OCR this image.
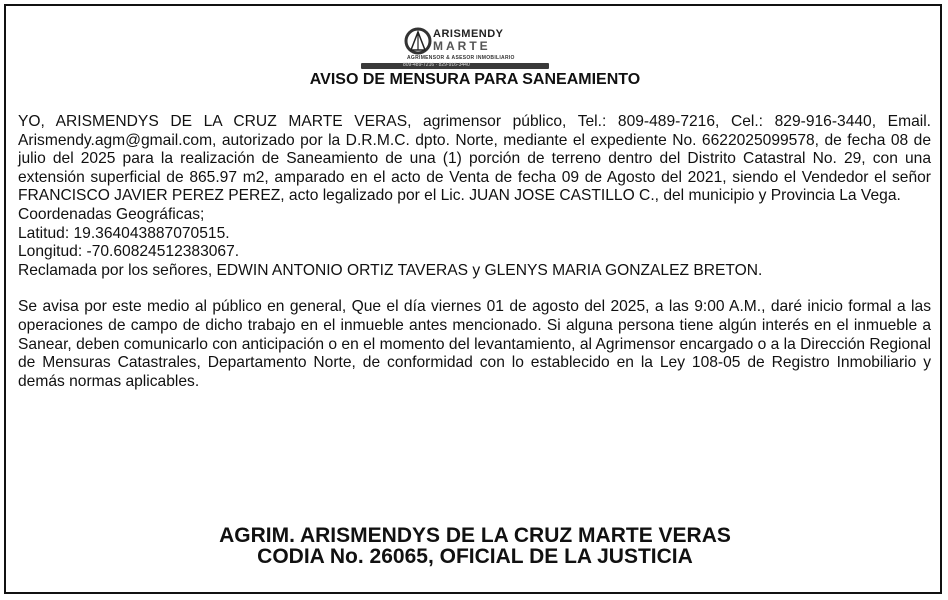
ARISMENDY
MARTE
AGRIMENSOR & ASESOR INMOBILIARIO
809-489-7216 · 829-916-3440
AVISO DE MENSURA PARA SANEAMIENTO

YO, ARISMENDYS DE LA CRUZ MARTE VERAS, agrimensor público, Tel.: 809-489-7216, Cel.: 829-916-3440, Email. Arismendy.agm@gmail.com, autorizado por la D.R.M.C. dpto. Norte, mediante el expediente No. 6622025099578, de fecha 08 de julio del 2025 para la realización de Saneamiento de una (1) porción de terreno dentro del Distrito Catastral No. 29, con una extensión superficial de 865.97 m2, amparado en el acto de Venta de fecha 09 de Agosto del 2021, siendo el Vendedor el señor FRANCISCO JAVIER PEREZ PEREZ, acto legalizado por el Lic. JUAN JOSE CASTILLO C., del municipio y Provincia La Vega.

Coordenadas Geográficas;

Latitud: 19.364043887070515.

Longitud: -70.60824512383067.

Reclamada por los señores, EDWIN ANTONIO ORTIZ TAVERAS y GLENYS MARIA GONZALEZ BRETON.

Se avisa por este medio al público en general, Que el día viernes 01 de agosto del 2025, a las 9:00 A.M., daré inicio formal a las operaciones de campo de dicho trabajo en el inmueble antes mencionado. Si alguna persona tiene algún interés en el inmueble a Sanear, deben comunicarlo con anticipación o en el momento del levantamiento, al Agrimensor encargado o a la Dirección Regional de Mensuras Catastrales, Departamento Norte, de conformidad con lo establecido en la Ley 108-05 de Registro Inmobiliario y demás normas aplicables.

AGRIM. ARISMENDYS DE LA CRUZ MARTE VERAS
CODIA No. 26065, OFICIAL DE LA JUSTICIA
